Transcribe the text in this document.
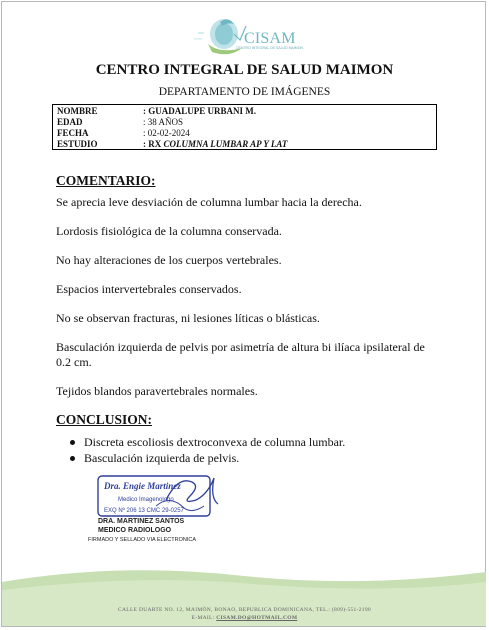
CISAM
CENTRO INTEGRAL DE SALUD MAIMON
CENTRO INTEGRAL DE SALUD MAIMON
DEPARTAMENTO DE IMÁGENES
NOMBRE	: GUADALUPE URBANI M.
EDAD	: 38 AÑOS
FECHA	: 02-02-2024
ESTUDIO	: RX COLUMNA LUMBAR AP Y LAT
COMENTARIO:
Se aprecia leve desviación de columna lumbar hacia la derecha.
Lordosis fisiológica de la columna conservada.
No hay alteraciones de los cuerpos vertebrales.
Espacios intervertebrales conservados.
No se observan fracturas, ni lesiones líticas o blásticas.
Basculación izquierda de pelvis por asimetría de altura bi ilíaca ipsilateral de 0.2 cm.
Tejidos blandos paravertebrales normales.
CONCLUSION:
Discreta escoliosis dextroconvexa de columna lumbar.
Basculación izquierda de pelvis.
Dra. Engie Martinez
Medico Imagenologo
EXQ Nº 206 13 CMC 29-0257
DRA. MARTINEZ SANTOS
MEDICO RADIOLOGO
FIRMADO Y SELLADO VIA ELECTRONICA
CALLE DUARTE NO. 12, MAIMÓN, BONAO, REPUBLICA DOMINICANA, TEL.: (809)-551-2190
E-MAIL: CISAM.DO@HOTMAIL.COM
